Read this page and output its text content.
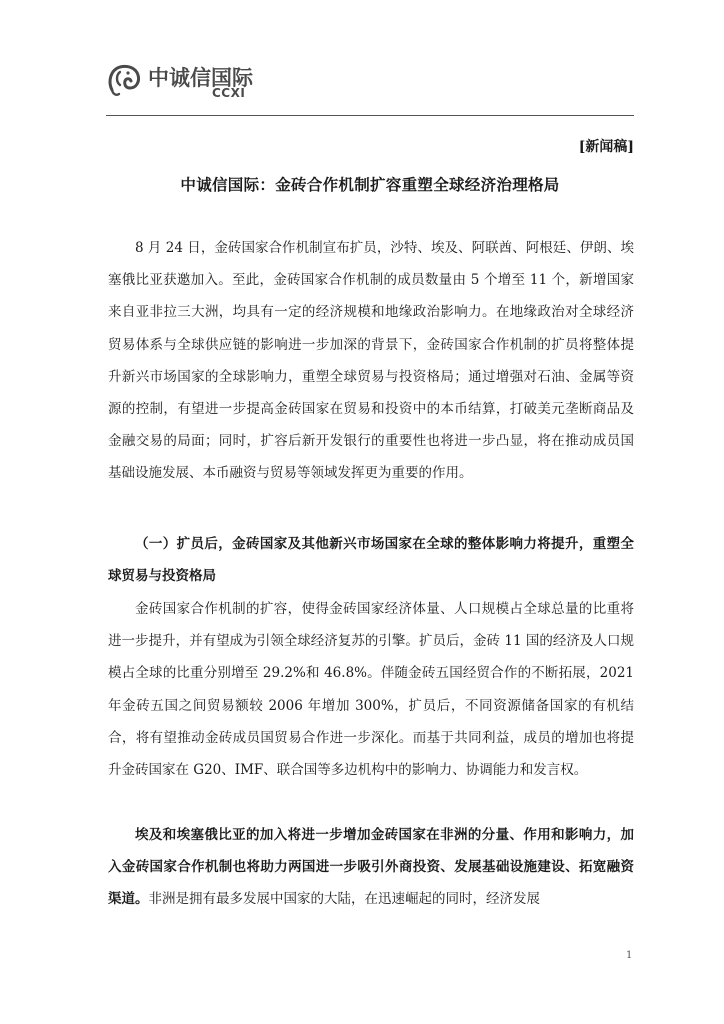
中诚信国际
CCXI
[新闻稿]
中诚信国际：金砖合作机制扩容重塑全球经济治理格局

8 月 24 日，金砖国家合作机制宣布扩员，沙特、埃及、阿联酋、阿根廷、伊朗、埃塞俄比亚获邀加入。至此，金砖国家合作机制的成员数量由 5 个增至 11 个，新增国家来自亚非拉三大洲，均具有一定的经济规模和地缘政治影响力。在地缘政治对全球经济贸易体系与全球供应链的影响进一步加深的背景下，金砖国家合作机制的扩员将整体提升新兴市场国家的全球影响力，重塑全球贸易与投资格局；通过增强对石油、金属等资源的控制，有望进一步提高金砖国家在贸易和投资中的本币结算，打破美元垄断商品及金融交易的局面；同时，扩容后新开发银行的重要性也将进一步凸显，将在推动成员国基础设施发展、本币融资与贸易等领域发挥更为重要的作用。

（一）扩员后，金砖国家及其他新兴市场国家在全球的整体影响力将提升，重塑全球贸易与投资格局

金砖国家合作机制的扩容，使得金砖国家经济体量、人口规模占全球总量的比重将进一步提升，并有望成为引领全球经济复苏的引擎。扩员后，金砖 11 国的经济及人口规模占全球的比重分别增至 29.2%和 46.8%。伴随金砖五国经贸合作的不断拓展，2021 年金砖五国之间贸易额较 2006 年增加 300%，扩员后，不同资源储备国家的有机结合，将有望推动金砖成员国贸易合作进一步深化。而基于共同利益，成员的增加也将提升金砖国家在 G20、IMF、联合国等多边机构中的影响力、协调能力和发言权。

埃及和埃塞俄比亚的加入将进一步增加金砖国家在非洲的分量、作用和影响力，加入金砖国家合作机制也将助力两国进一步吸引外商投资、发展基础设施建设、拓宽融资渠道。非洲是拥有最多发展中国家的大陆，在迅速崛起的同时，经济发展

1
